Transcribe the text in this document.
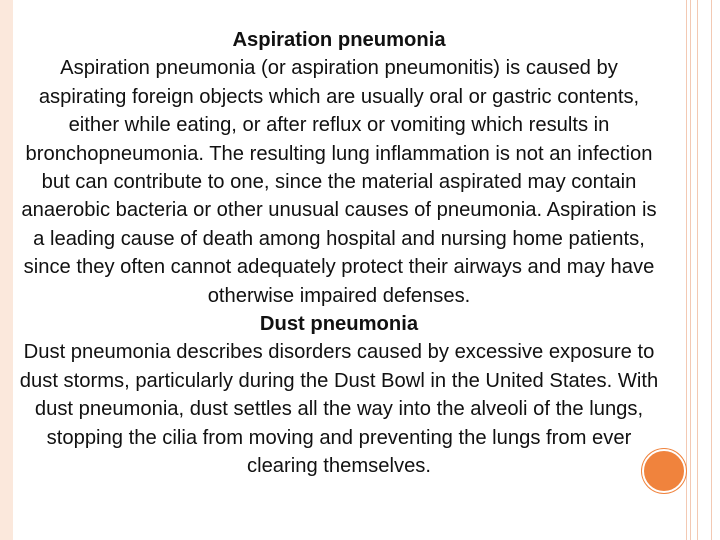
Aspiration pneumonia

Aspiration pneumonia (or aspiration pneumonitis) is caused by aspirating foreign objects which are usually oral or gastric contents, either while eating, or after reflux or vomiting which results in bronchopneumonia. The resulting lung inflammation is not an infection but can contribute to one, since the material aspirated may contain anaerobic bacteria or other unusual causes of pneumonia. Aspiration is a leading cause of death among hospital and nursing home patients, since they often cannot adequately protect their airways and may have otherwise impaired defenses.

Dust pneumonia

Dust pneumonia describes disorders caused by excessive exposure to dust storms, particularly during the Dust Bowl in the United States. With dust pneumonia, dust settles all the way into the alveoli of the lungs, stopping the cilia from moving and preventing the lungs from ever clearing themselves.
